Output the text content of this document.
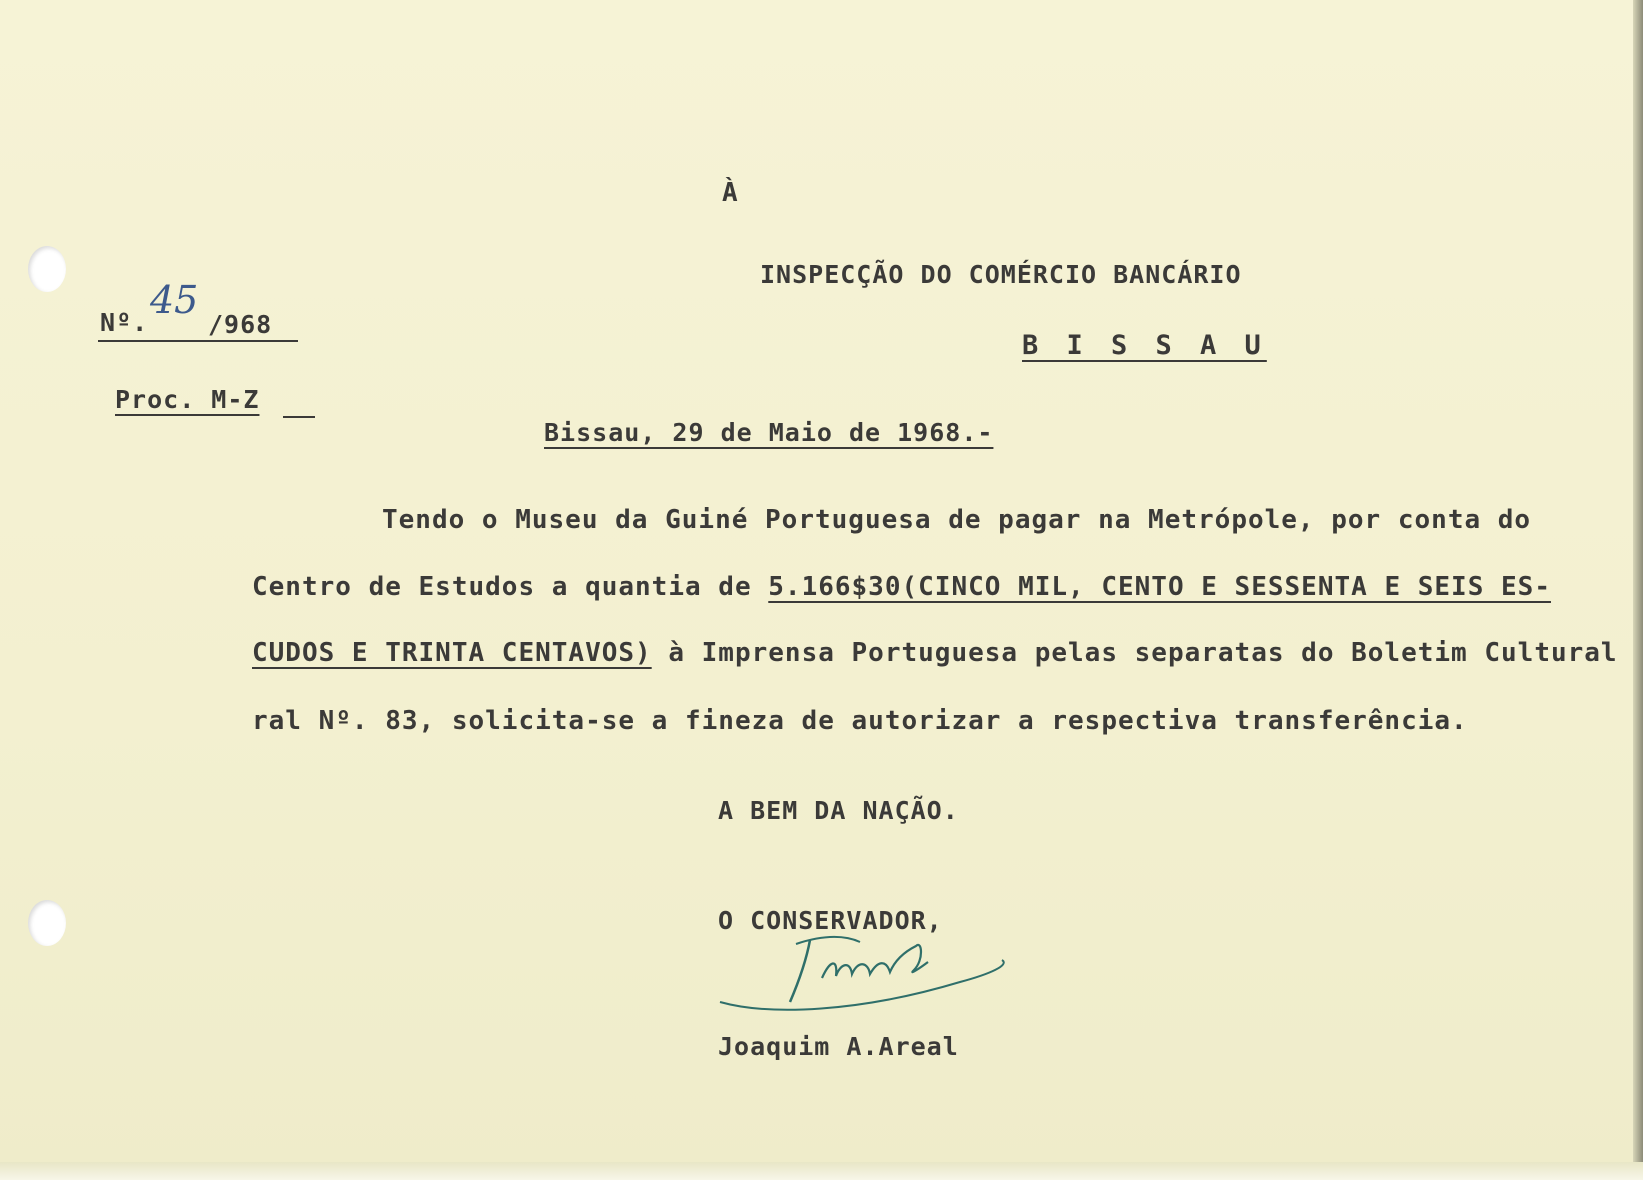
À
INSPECÇÃO DO COMÉRCIO BANCÁRIO
B I S S A U
Nº.
45
/968
Proc. M-Z
Bissau, 29 de Maio de 1968.-
Tendo o Museu da Guiné Portuguesa de pagar na Metrópole, por conta do
Centro de Estudos a quantia de 5.166$30(CINCO MIL, CENTO E SESSENTA E SEIS ES-
CUDOS E TRINTA CENTAVOS) à Imprensa Portuguesa pelas separatas do Boletim Cultural
ral Nº. 83, solicita-se a fineza de autorizar a respectiva transferência.
A BEM DA NAÇÃO.
O CONSERVADOR,
Joaquim A.Areal
